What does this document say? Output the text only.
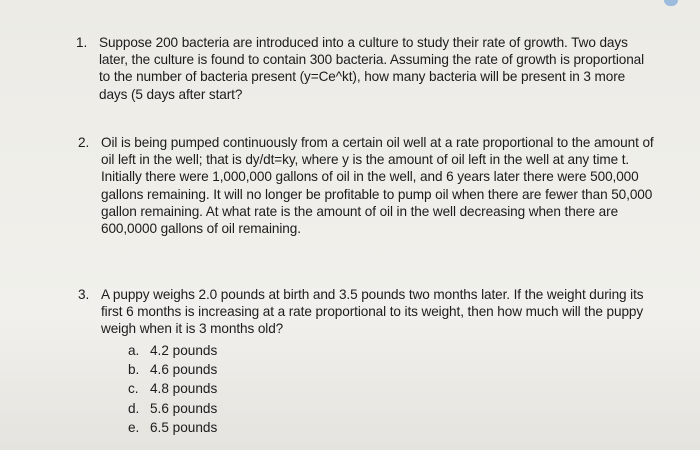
1. Suppose 200 bacteria are introduced into a culture to study their rate of growth. Two days later, the culture is found to contain 300 bacteria. Assuming the rate of growth is proportional to the number of bacteria present (y=Ce^kt), how many bacteria will be present in 3 more days (5 days after start?
2. Oil is being pumped continuously from a certain oil well at a rate proportional to the amount of oil left in the well; that is dy/dt=ky, where y is the amount of oil left in the well at any time t. Initially there were 1,000,000 gallons of oil in the well, and 6 years later there were 500,000 gallons remaining. It will no longer be profitable to pump oil when there are fewer than 50,000 gallon remaining. At what rate is the amount of oil in the well decreasing when there are 600,0000 gallons of oil remaining.
3. A puppy weighs 2.0 pounds at birth and 3.5 pounds two months later. If the weight during its first 6 months is increasing at a rate proportional to its weight, then how much will the puppy weigh when it is 3 months old?
a. 4.2 pounds
b. 4.6 pounds
c. 4.8 pounds
d. 5.6 pounds
e. 6.5 pounds
